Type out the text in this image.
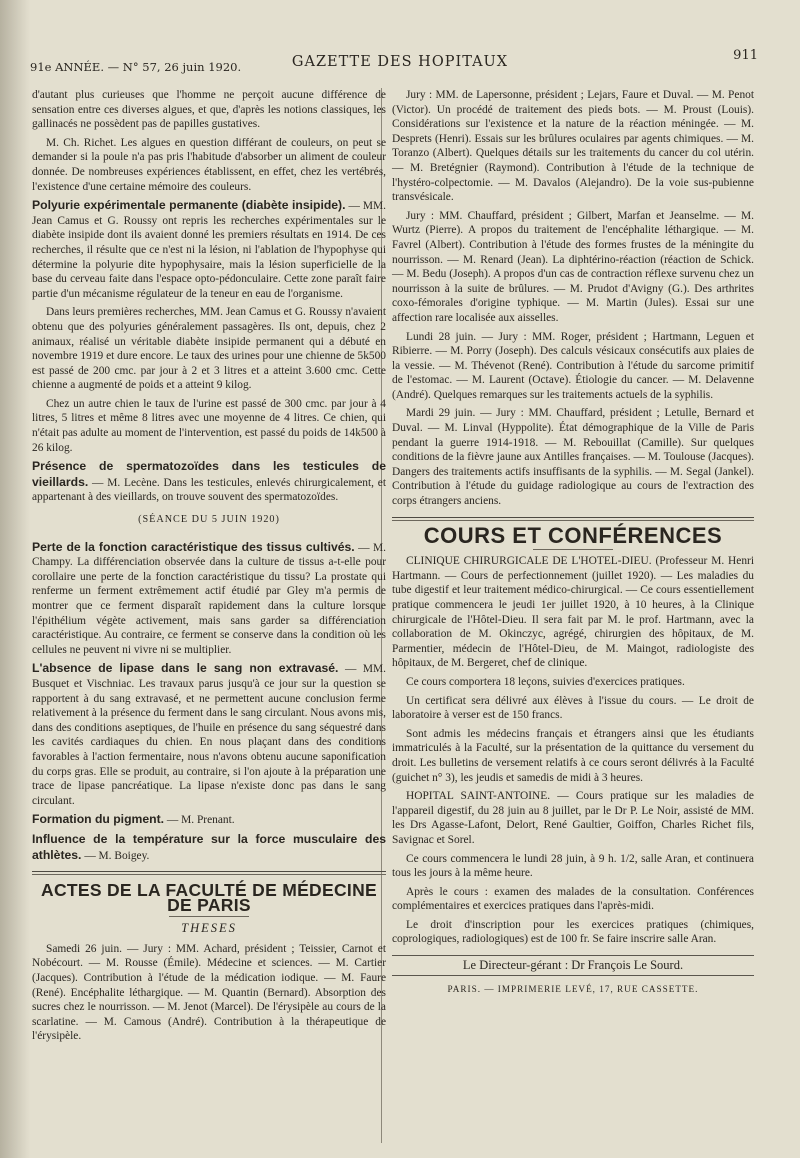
91e ANNÉE. — N° 57, 26 juin 1920.	GAZETTE DES HOPITAUX	911

d'autant plus curieuses que l'homme ne perçoit aucune différence de sensation entre ces diverses algues, et que, d'après les notions classiques, les gallinacés ne possèdent pas de papilles gustatives.

M. Ch. Richet. Les algues en question différant de couleurs, on peut se demander si la poule n'a pas pris l'habitude d'absorber un aliment de couleur donnée. De nombreuses expériences établissent, en effet, chez les vertébrés, l'existence d'une certaine mémoire des couleurs.

Polyurie expérimentale permanente (diabète insipide). — MM. Jean Camus et G. Roussy ont repris les recherches expérimentales sur le diabète insipide dont ils avaient donné les premiers résultats en 1914. De ces recherches, il résulte que ce n'est ni la lésion, ni l'ablation de l'hypophyse qui détermine la polyurie dite hypophysaire, mais la lésion superficielle de la base du cerveau faite dans l'espace opto-pédonculaire. Cette zone paraît faire partie d'un mécanisme régulateur de la teneur en eau de l'organisme.

Dans leurs premières recherches, MM. Jean Camus et G. Roussy n'avaient obtenu que des polyuries généralement passagères. Ils ont, depuis, chez 2 animaux, réalisé un véritable diabète insipide permanent qui a débuté en novembre 1919 et dure encore. Le taux des urines pour une chienne de 5k500 est passé de 200 cmc. par jour à 2 et 3 litres et a atteint 3.600 cmc. Cette chienne a augmenté de poids et a atteint 9 kilog.

Chez un autre chien le taux de l'urine est passé de 300 cmc. par jour à 4 litres, 5 litres et même 8 litres avec une moyenne de 4 litres. Ce chien, qui n'était pas adulte au moment de l'intervention, est passé du poids de 14k500 à 26 kilog.

Présence de spermatozoïdes dans les testicules de vieillards. — M. Lecène. Dans les testicules, enlevés chirurgicalement, et appartenant à des vieillards, on trouve souvent des spermatozoïdes.

(SÉANCE DU 5 JUIN 1920)

Perte de la fonction caractéristique des tissus cultivés. — M. Champy. La différenciation observée dans la culture de tissus a-t-elle pour corollaire une perte de la fonction caractéristique du tissu? La prostate qui renferme un ferment extrêmement actif étudié par Gley m'a permis de montrer que ce ferment disparaît rapidement dans la culture lorsque l'épithélium végète activement, mais sans garder sa différenciation caractéristique. Au contraire, ce ferment se conserve dans la condition où les cellules ne peuvent ni vivre ni se multiplier.

L'absence de lipase dans le sang non extravasé. — MM. Busquet et Vischniac. Les travaux parus jusqu'à ce jour sur la question se rapportent à du sang extravasé, et ne permettent aucune conclusion ferme relativement à la présence du ferment dans le sang circulant. Nous avons mis, dans des conditions aseptiques, de l'huile en présence du sang séquestré dans les cavités cardiaques du chien. En nous plaçant dans des conditions favorables à l'action fermentaire, nous n'avons obtenu aucune saponification du corps gras. Elle se produit, au contraire, si l'on ajoute à la préparation une trace de lipase pancréatique. La lipase n'existe donc pas dans le sang circulant.

Formation du pigment. — M. Prenant.

Influence de la température sur la force musculaire des athlètes. — M. Boigey.

ACTES DE LA FACULTÉ DE MÉDECINE DE PARIS
THESES

Samedi 26 juin. — Jury : MM. Achard, président ; Teissier, Carnot et Nobécourt. — M. Rousse (Émile). Médecine et sciences. — M. Cartier (Jacques). Contribution à l'étude de la médication iodique. — M. Faure (René). Encéphalite léthargique. — M. Quantin (Bernard). Absorption des sucres chez le nourrisson. — M. Jenot (Marcel). De l'érysipèle au cours de la scarlatine. — M. Camous (André). Contribution à la thérapeutique de l'érysipèle.

Jury : MM. de Lapersonne, président ; Lejars, Faure et Duval. — M. Penot (Victor). Un procédé de traitement des pieds bots. — M. Proust (Louis). Considérations sur l'existence et la nature de la réaction méningée. — M. Desprets (Henri). Essais sur les brûlures oculaires par agents chimiques. — M. Toranzo (Albert). Quelques détails sur les traitements du cancer du col utérin. — M. Bretégnier (Raymond). Contribution à l'étude de la technique de l'hystéro-colpectomie. — M. Davalos (Alejandro). De la voie sus-pubienne transvésicale.

Jury : MM. Chauffard, président ; Gilbert, Marfan et Jeanselme. — M. Wurtz (Pierre). A propos du traitement de l'encéphalite léthargique. — M. Favrel (Albert). Contribution à l'étude des formes frustes de la méningite du nourrisson. — M. Renard (Jean). La diphtérino-réaction (réaction de Schick. — M. Bedu (Joseph). A propos d'un cas de contraction réflexe survenu chez un nourrisson à la suite de brûlures. — M. Prudot d'Avigny (G.). Des arthrites coxo-fémorales d'origine typhique. — M. Martin (Jules). Essai sur une affection rare localisée aux aisselles.

Lundi 28 juin. — Jury : MM. Roger, président ; Hartmann, Leguen et Ribierre. — M. Porry (Joseph). Des calculs vésicaux consécutifs aux plaies de la vessie. — M. Thévenot (René). Contribution à l'étude du sarcome primitif de l'estomac. — M. Laurent (Octave). Étiologie du cancer. — M. Delavenne (André). Quelques remarques sur les traitements actuels de la syphilis.

Mardi 29 juin. — Jury : MM. Chauffard, président ; Letulle, Bernard et Duval. — M. Linval (Hyppolite). État démographique de la Ville de Paris pendant la guerre 1914-1918. — M. Rebouillat (Camille). Sur quelques conditions de la fièvre jaune aux Antilles françaises. — M. Toulouse (Jacques). Dangers des traitements actifs insuffisants de la syphilis. — M. Segal (Jankel). Contribution à l'étude du guidage radiologique au cours de l'extraction des corps étrangers anciens.

COURS ET CONFÉRENCES

CLINIQUE CHIRURGICALE DE L'HOTEL-DIEU. (Professeur M. Henri Hartmann. — Cours de perfectionnement (juillet 1920). — Les maladies du tube digestif et leur traitement médico-chirurgical. — Ce cours essentiellement pratique commencera le jeudi 1er juillet 1920, à 10 heures, à la Clinique chirurgicale de l'Hôtel-Dieu. Il sera fait par M. le prof. Hartmann, avec la collaboration de M. Okinczyc, agrégé, chirurgien des hôpitaux, de M. Parmentier, médecin de l'Hôtel-Dieu, de M. Maingot, radiologiste des hôpitaux, de M. Bergeret, chef de clinique.

Ce cours comportera 18 leçons, suivies d'exercices pratiques.

Un certificat sera délivré aux élèves à l'issue du cours. — Le droit de laboratoire à verser est de 150 francs.

Sont admis les médecins français et étrangers ainsi que les étudiants immatriculés à la Faculté, sur la présentation de la quittance du versement du droit. Les bulletins de versement relatifs à ce cours seront délivrés à la Faculté (guichet n° 3), les jeudis et samedis de midi à 3 heures.

HOPITAL SAINT-ANTOINE. — Cours pratique sur les maladies de l'appareil digestif, du 28 juin au 8 juillet, par le Dr P. Le Noir, assisté de MM. les Drs Agasse-Lafont, Delort, René Gaultier, Goiffon, Charles Richet fils, Savignac et Sorel.

Ce cours commencera le lundi 28 juin, à 9 h. 1/2, salle Aran, et continuera tous les jours à la même heure.

Après le cours : examen des malades de la consultation. Conférences complémentaires et exercices pratiques dans l'après-midi.

Le droit d'inscription pour les exercices pratiques (chimiques, coprologiques, radiologiques) est de 100 fr. Se faire inscrire salle Aran.

Le Directeur-gérant : Dr François Le Sourd.
PARIS. — IMPRIMERIE LEVÉ, 17, RUE CASSETTE.
